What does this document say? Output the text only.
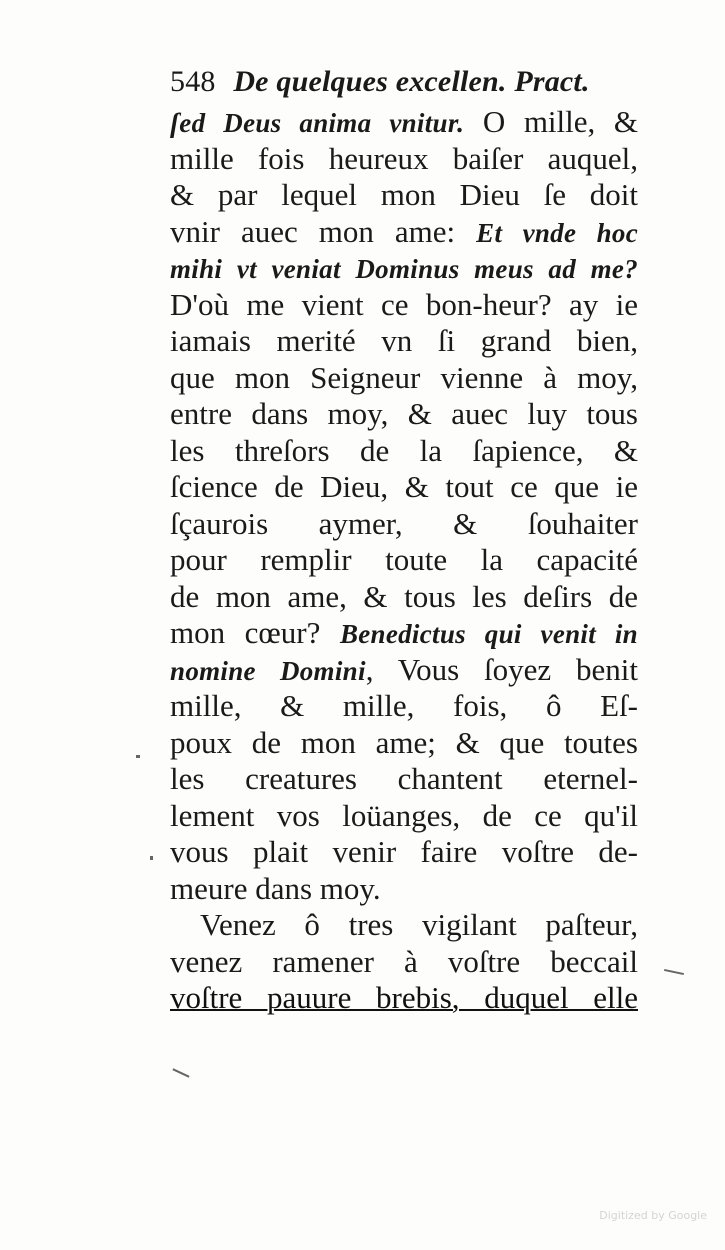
548 De quelques excellen. Pract.
ſed Deus anima vnitur. O mille, &
mille fois heureux baiſer auquel,
& par lequel mon Dieu ſe doit
vnir auec mon ame: Et vnde hoc
mihi vt veniat Dominus meus ad me?
D'où me vient ce bon-heur? ay ie
iamais merité vn ſi grand bien,
que mon Seigneur vienne à moy,
entre dans moy, & auec luy tous
les threſors de la ſapience, &
ſcience de Dieu, & tout ce que ie
ſçaurois aymer, & ſouhaiter
pour remplir toute la capacité
de mon ame, & tous les deſirs de
mon cœur? Benedictus qui venit in
nomine Domini, Vous ſoyez benit
mille, & mille, fois, ô Eſ-
poux de mon ame; & que toutes
les creatures chantent eternel-
lement vos loüanges, de ce qu'il
vous plait venir faire voſtre de-
meure dans moy.
Venez ô tres vigilant paſteur,
venez ramener à voſtre beccail
voſtre pauure brebis, duquel elle
Digitized by Google
